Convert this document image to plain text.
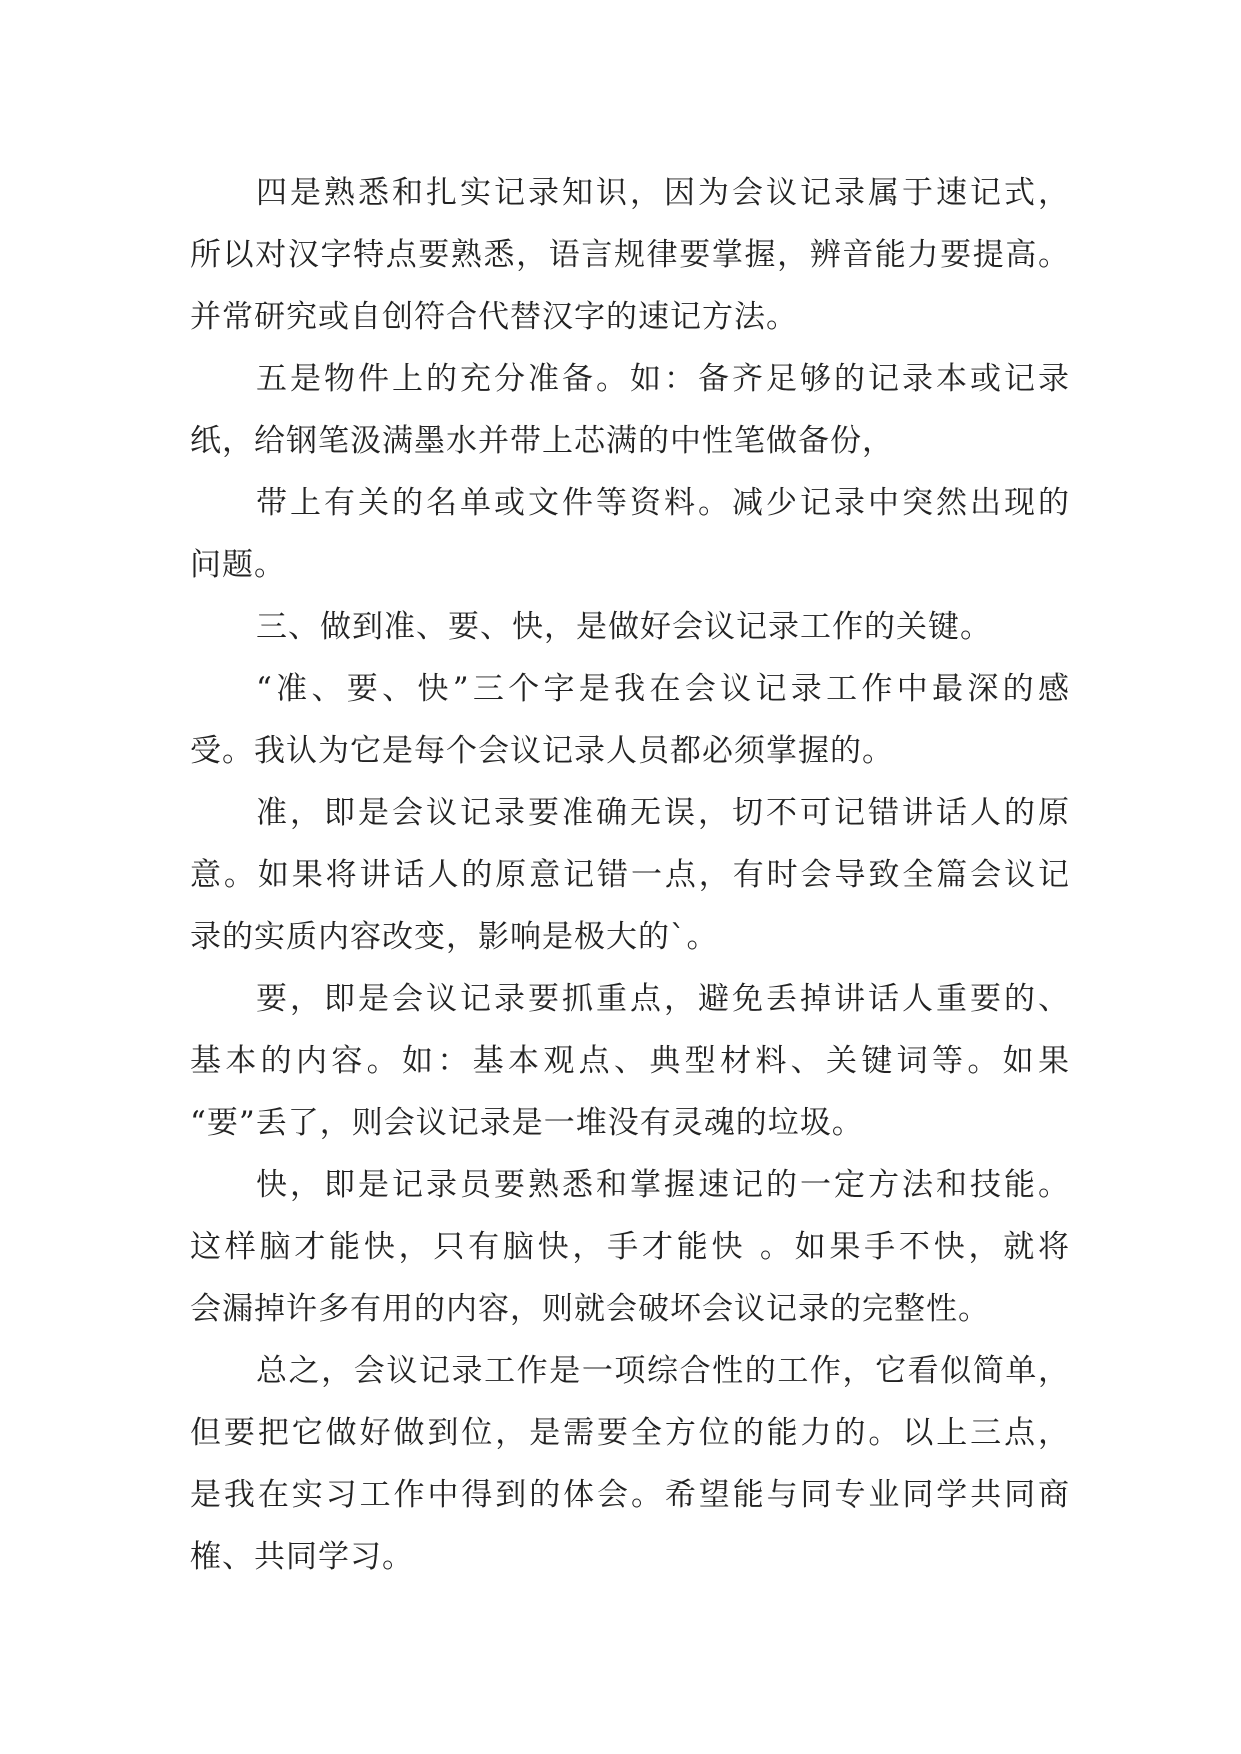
四是熟悉和扎实记录知识，因为会议记录属于速记式，
所以对汉字特点要熟悉，语言规律要掌握，辨音能力要提高。
并常研究或自创符合代替汉字的速记方法。
五是物件上的充分准备。如：备齐足够的记录本或记录
纸，给钢笔汲满墨水并带上芯满的中性笔做备份，
带上有关的名单或文件等资料。减少记录中突然出现的
问题。
三、做到准、要、快，是做好会议记录工作的关键。
“准、要、快”三个字是我在会议记录工作中最深的感
受。我认为它是每个会议记录人员都必须掌握的。
准，即是会议记录要准确无误，切不可记错讲话人的原
意。如果将讲话人的原意记错一点，有时会导致全篇会议记
录的实质内容改变，影响是极大的`。
要，即是会议记录要抓重点，避免丢掉讲话人重要的、
基本的内容。如：基本观点、典型材料、关键词等。如果
“要”丢了，则会议记录是一堆没有灵魂的垃圾。
快，即是记录员要熟悉和掌握速记的一定方法和技能。
这样脑才能快，只有脑快，手才能快 。如果手不快，就将
会漏掉许多有用的内容，则就会破坏会议记录的完整性。
总之，会议记录工作是一项综合性的工作，它看似简单，
但要把它做好做到位，是需要全方位的能力的。以上三点，
是我在实习工作中得到的体会。希望能与同专业同学共同商
榷、共同学习。
